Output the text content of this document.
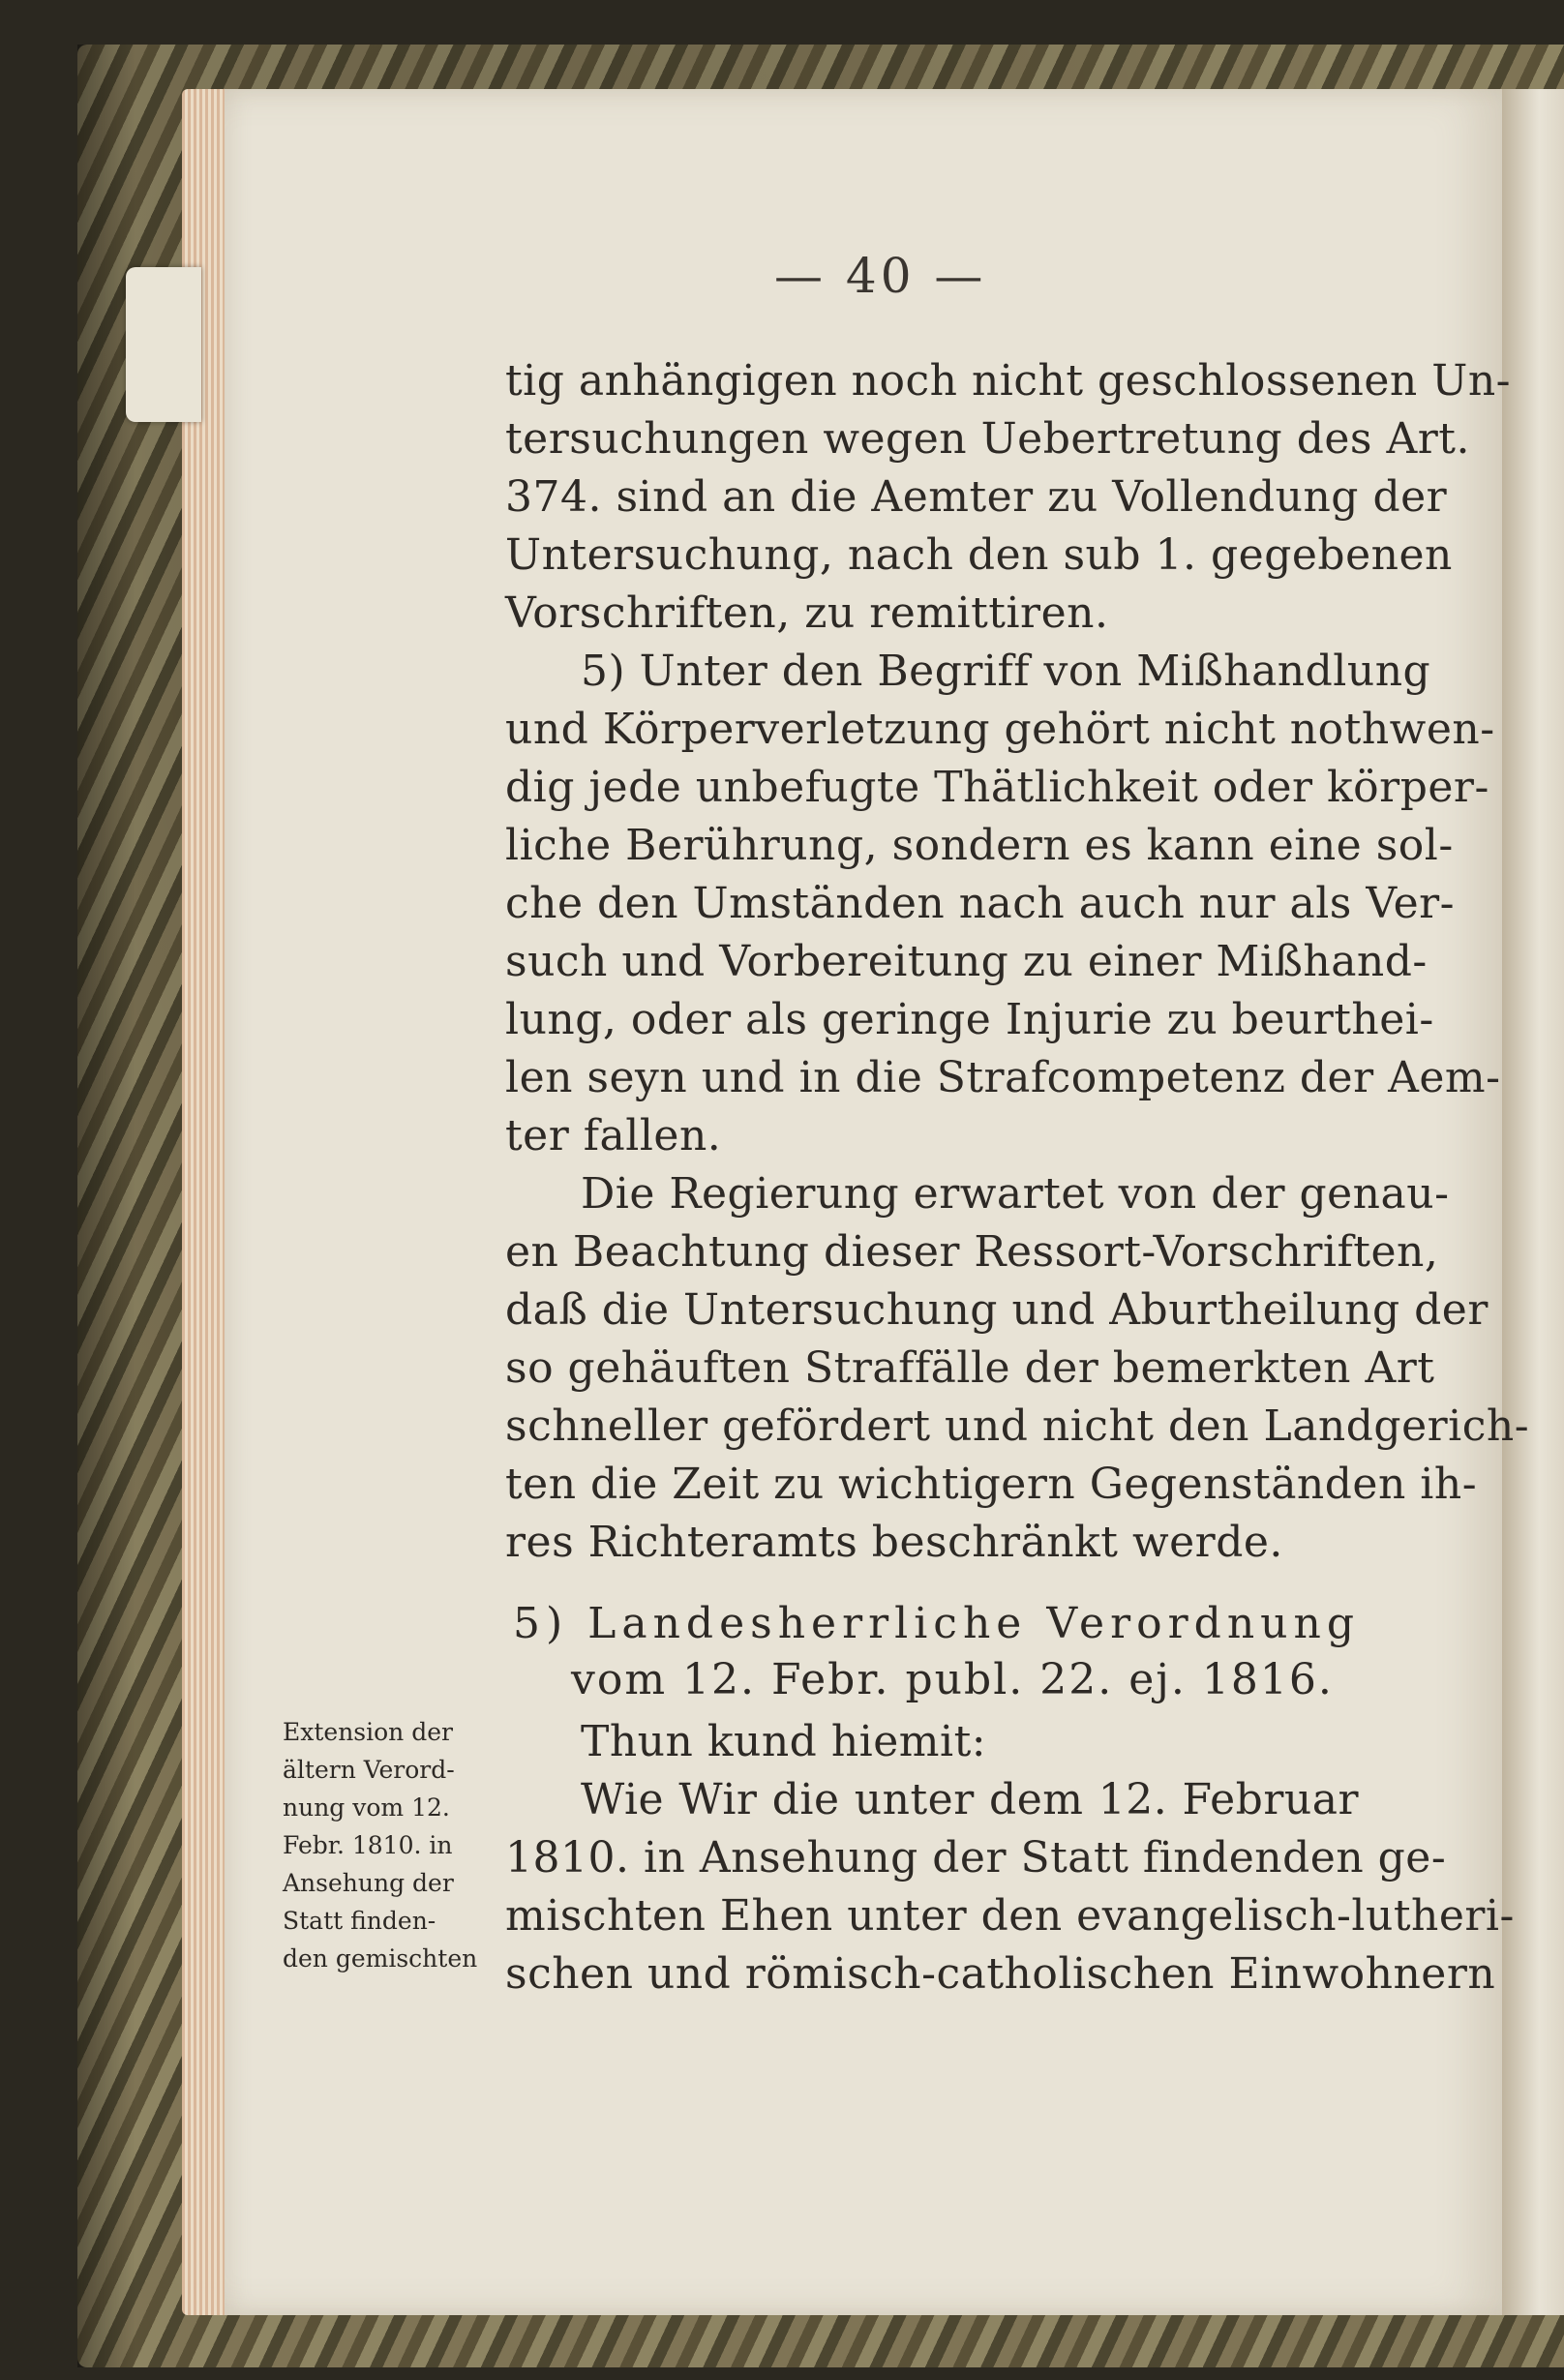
— 40 —
tig anhängigen noch nicht geschlossenen Un-
tersuchungen wegen Uebertretung des Art.
374. sind an die Aemter zu Vollendung der
Untersuchung, nach den sub 1. gegebenen
Vorschriften, zu remittiren.
5) Unter den Begriff von Mißhandlung
und Körperverletzung gehört nicht nothwen-
dig jede unbefugte Thätlichkeit oder körper-
liche Berührung, sondern es kann eine sol-
che den Umständen nach auch nur als Ver-
such und Vorbereitung zu einer Mißhand-
lung, oder als geringe Injurie zu beurthei-
len seyn und in die Strafcompetenz der Aem-
ter fallen.
Die Regierung erwartet von der genau-
en Beachtung dieser Ressort-Vorschriften,
daß die Untersuchung und Aburtheilung der
so gehäuften Straffälle der bemerkten Art
schneller gefördert und nicht den Landgerich-
ten die Zeit zu wichtigern Gegenständen ih-
res Richteramts beschränkt werde.
5) Landesherrliche Verordnung
vom 12. Febr. publ. 22. ej. 1816.
Thun kund hiemit:
Wie Wir die unter dem 12. Februar
1810. in Ansehung der Statt findenden ge-
mischten Ehen unter den evangelisch-lutheri-
schen und römisch-catholischen Einwohnern
Extension der
ältern Verord-
nung vom 12.
Febr. 1810. in
Ansehung der
Statt finden-
den gemischten
